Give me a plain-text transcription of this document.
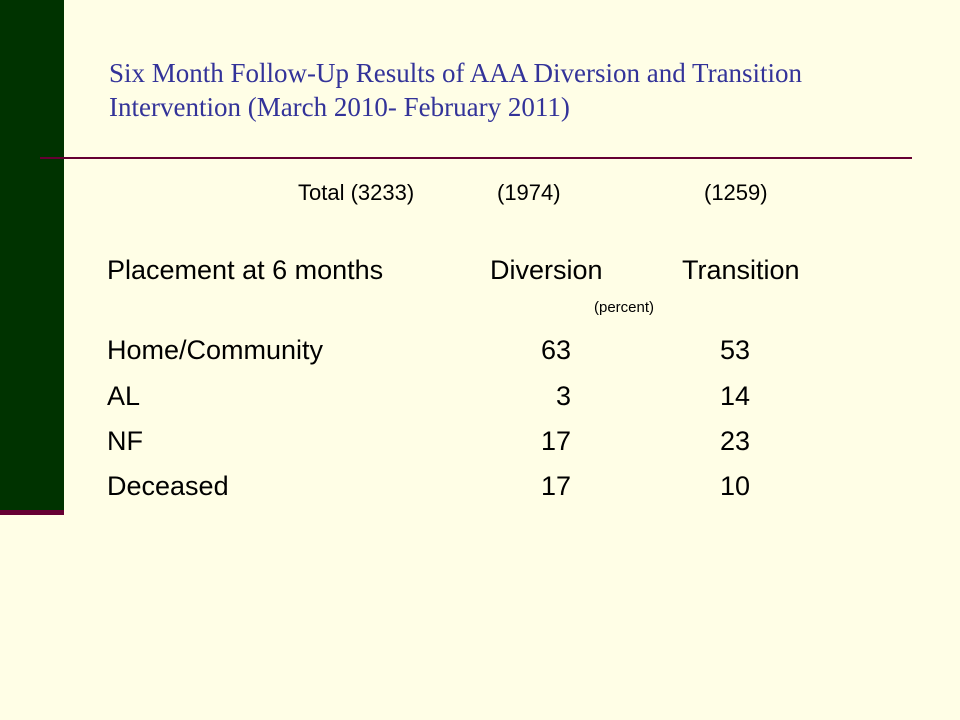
Six Month Follow-Up Results of AAA Diversion and Transition Intervention (March 2010- February 2011)
Total (3233)	(1974)	(1259)
Placement at 6 months	Diversion	Transition
(percent)
Home/Community	63	53
AL	3	14
NF	17	23
Deceased	17	10
